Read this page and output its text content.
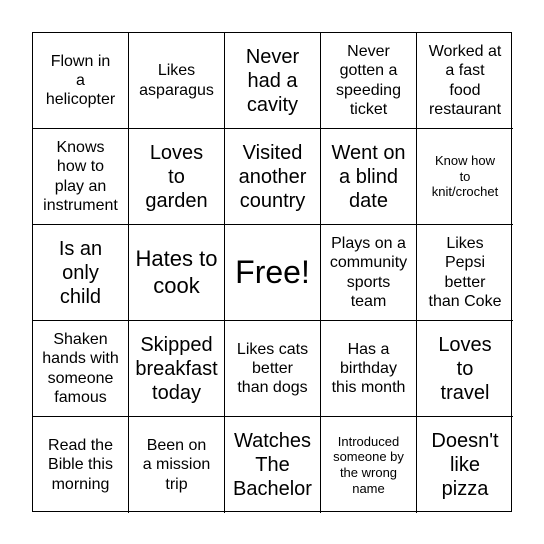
Flown in
a
helicopter
Likes
asparagus
Never
had a
cavity
Never
gotten a
speeding
ticket
Worked at
a fast
food
restaurant
Knows
how to
play an
instrument
Loves
to
garden
Visited
another
country
Went on
a blind
date
Know how
to
knit/crochet
Is an
only
child
Hates to
cook	Free!
Plays on a
community
sports
team
Likes
Pepsi
better
than Coke
Shaken
hands with
someone
famous
Skipped
breakfast
today
Likes cats
better
than dogs
Has a
birthday
this month
Loves
to
travel
Read the
Bible this
morning
Been on
a mission
trip
Watches
The
Bachelor
Introduced
someone by
the wrong
name
Doesn't
like
pizza
